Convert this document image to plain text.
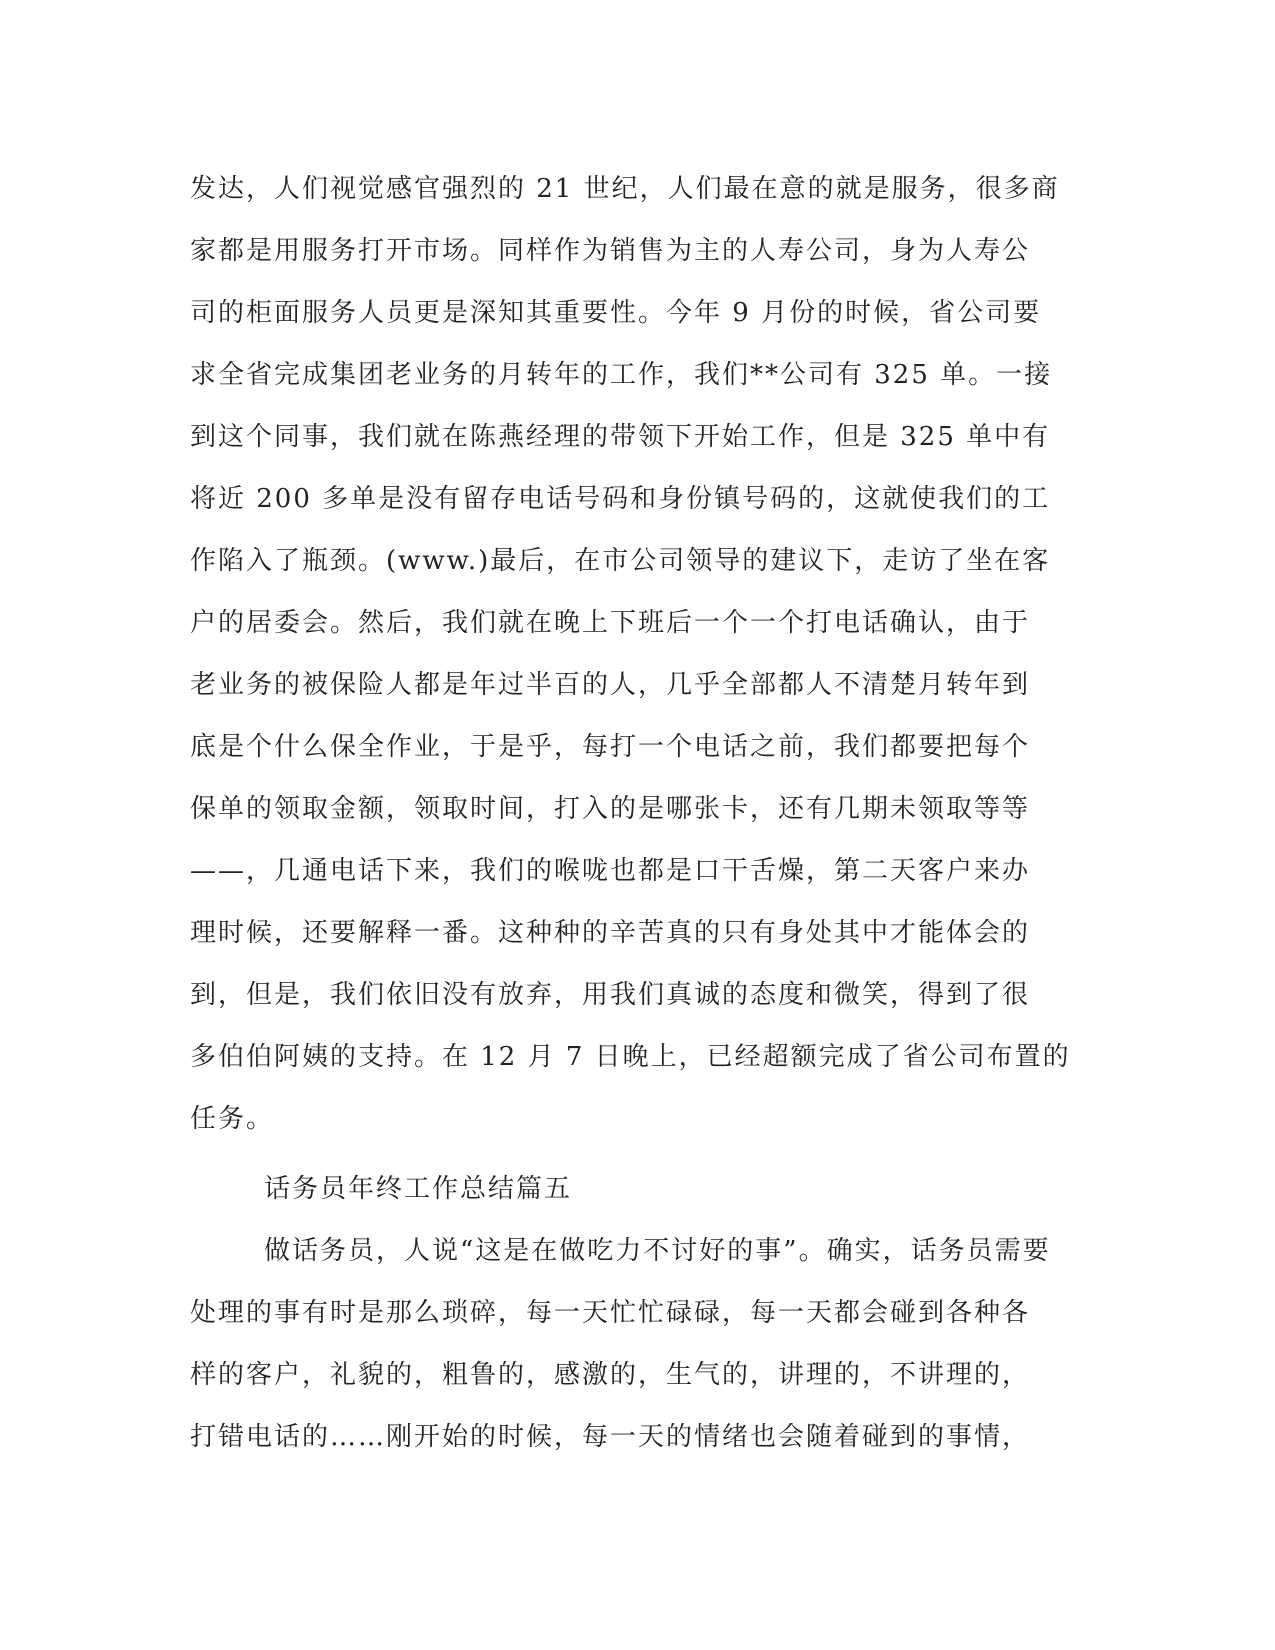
发达，人们视觉感官强烈的 21 世纪，人们最在意的就是服务，很多商
家都是用服务打开市场。同样作为销售为主的人寿公司，身为人寿公
司的柜面服务人员更是深知其重要性。今年 9 月份的时候，省公司要
求全省完成集团老业务的月转年的工作，我们**公司有 325 单。一接
到这个同事，我们就在陈燕经理的带领下开始工作，但是 325 单中有
将近 200 多单是没有留存电话号码和身份镇号码的，这就使我们的工
作陷入了瓶颈。(www.)最后，在市公司领导的建议下，走访了坐在客
户的居委会。然后，我们就在晚上下班后一个一个打电话确认，由于
老业务的被保险人都是年过半百的人，几乎全部都人不清楚月转年到
底是个什么保全作业，于是乎，每打一个电话之前，我们都要把每个
保单的领取金额，领取时间，打入的是哪张卡，还有几期未领取等等
——，几通电话下来，我们的喉咙也都是口干舌燥，第二天客户来办
理时候，还要解释一番。这种种的辛苦真的只有身处其中才能体会的
到，但是，我们依旧没有放弃，用我们真诚的态度和微笑，得到了很
多伯伯阿姨的支持。在 12 月 7 日晚上，已经超额完成了省公司布置的
任务。
话务员年终工作总结篇五
做话务员，人说“这是在做吃力不讨好的事”。确实，话务员需要
处理的事有时是那么琐碎，每一天忙忙碌碌，每一天都会碰到各种各
样的客户，礼貌的，粗鲁的，感激的，生气的，讲理的，不讲理的，
打错电话的……刚开始的时候，每一天的情绪也会随着碰到的事情，
